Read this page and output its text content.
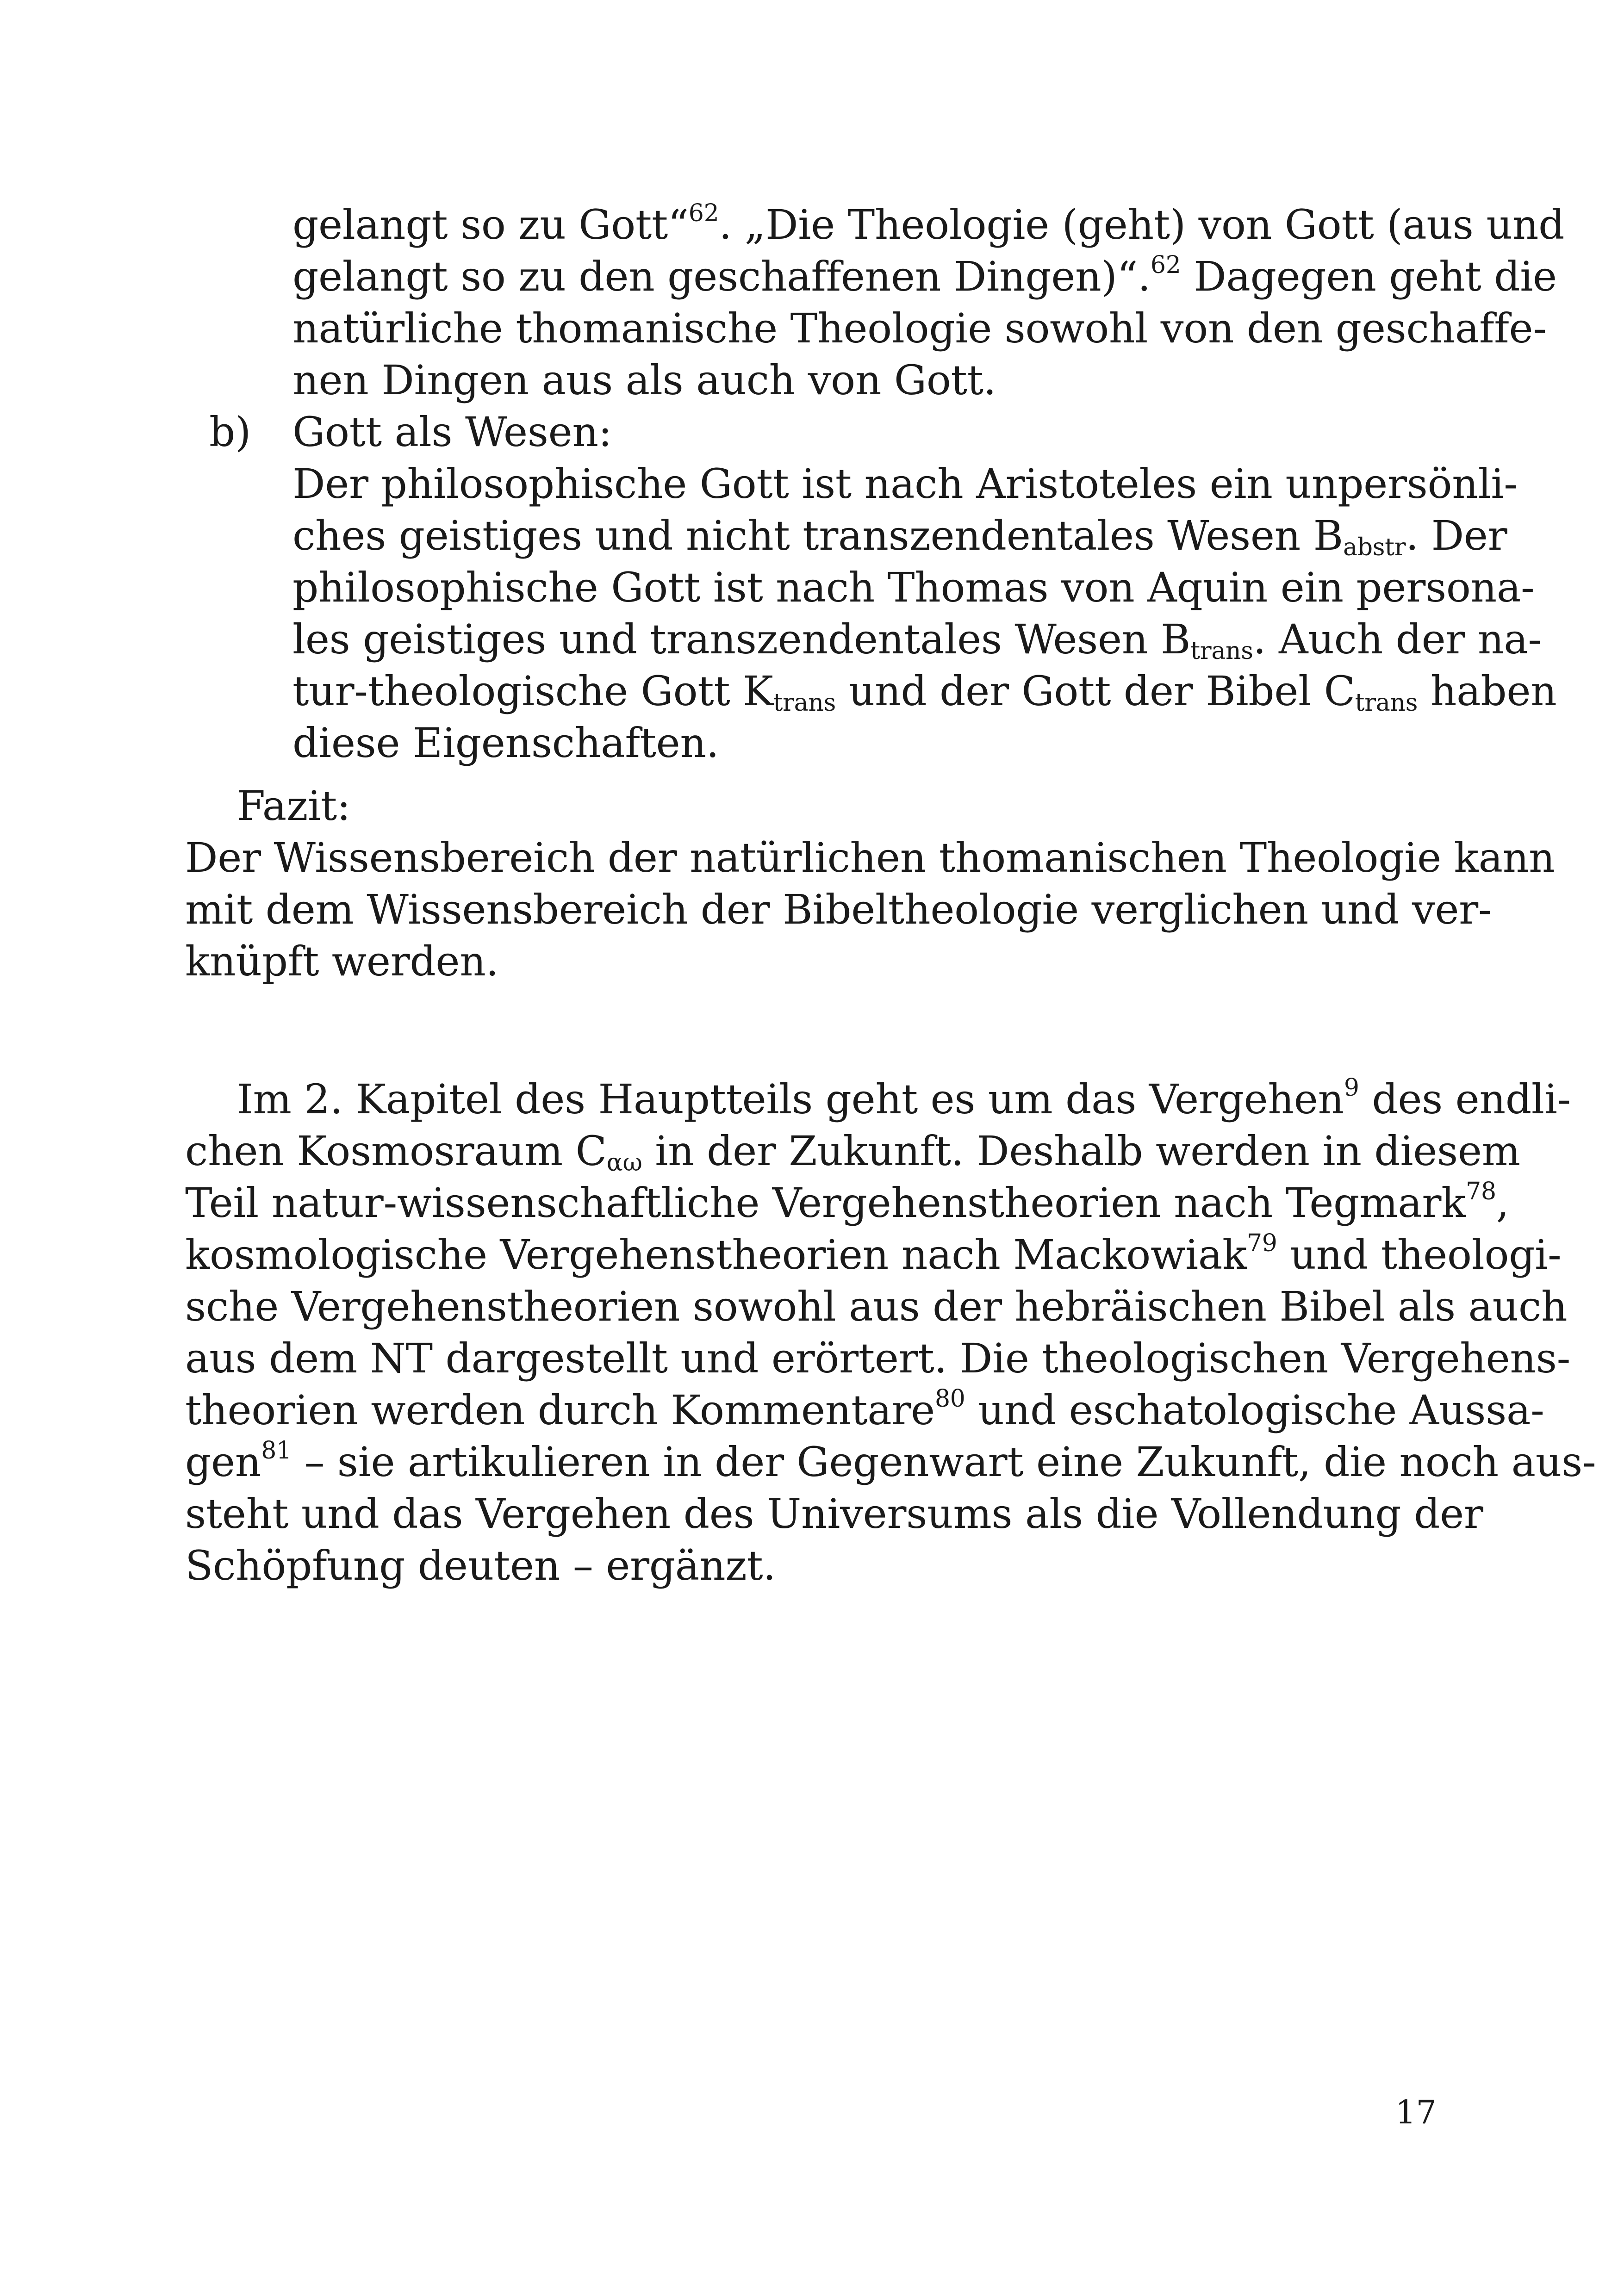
gelangt so zu Gott“$^{62}$. „Die Theologie (geht) von Gott (aus und
gelangt so zu den geschaffenen Dingen)“.$^{62}$ Dagegen geht die
natürliche thomanische Theologie sowohl von den geschaffe-
nen Dingen aus als auch von Gott.
b) Gott als Wesen:
Der philosophische Gott ist nach Aristoteles ein unpersönli-
ches geistiges und nicht transzendentales Wesen $B_{abstr}$. Der
philosophische Gott ist nach Thomas von Aquin ein persona-
les geistiges und transzendentales Wesen $B_{trans}$. Auch der na-
tur-theologische Gott $K_{trans}$ und der Gott der Bibel $C_{trans}$ haben
diese Eigenschaften.
Fazit:
Der Wissensbereich der natürlichen thomanischen Theologie kann
mit dem Wissensbereich der Bibeltheologie verglichen und ver-
knüpft werden.
Im 2. Kapitel des Hauptteils geht es um das Vergehen$^9$ des endli-
chen Kosmosraum $C_{\alpha\omega}$ in der Zukunft. Deshalb werden in diesem
Teil natur-wissenschaftliche Vergehenstheorien nach Tegmark$^{78}$,
kosmologische Vergehenstheorien nach Mackowiak$^{79}$ und theologi-
sche Vergehenstheorien sowohl aus der hebräischen Bibel als auch
aus dem NT dargestellt und erörtert. Die theologischen Vergehens-
theorien werden durch Kommentare$^{80}$ und eschatologische Aussa-
gen$^{81}$ – sie artikulieren in der Gegenwart eine Zukunft, die noch aus-
steht und das Vergehen des Universums als die Vollendung der
Schöpfung deuten – ergänzt.
17
